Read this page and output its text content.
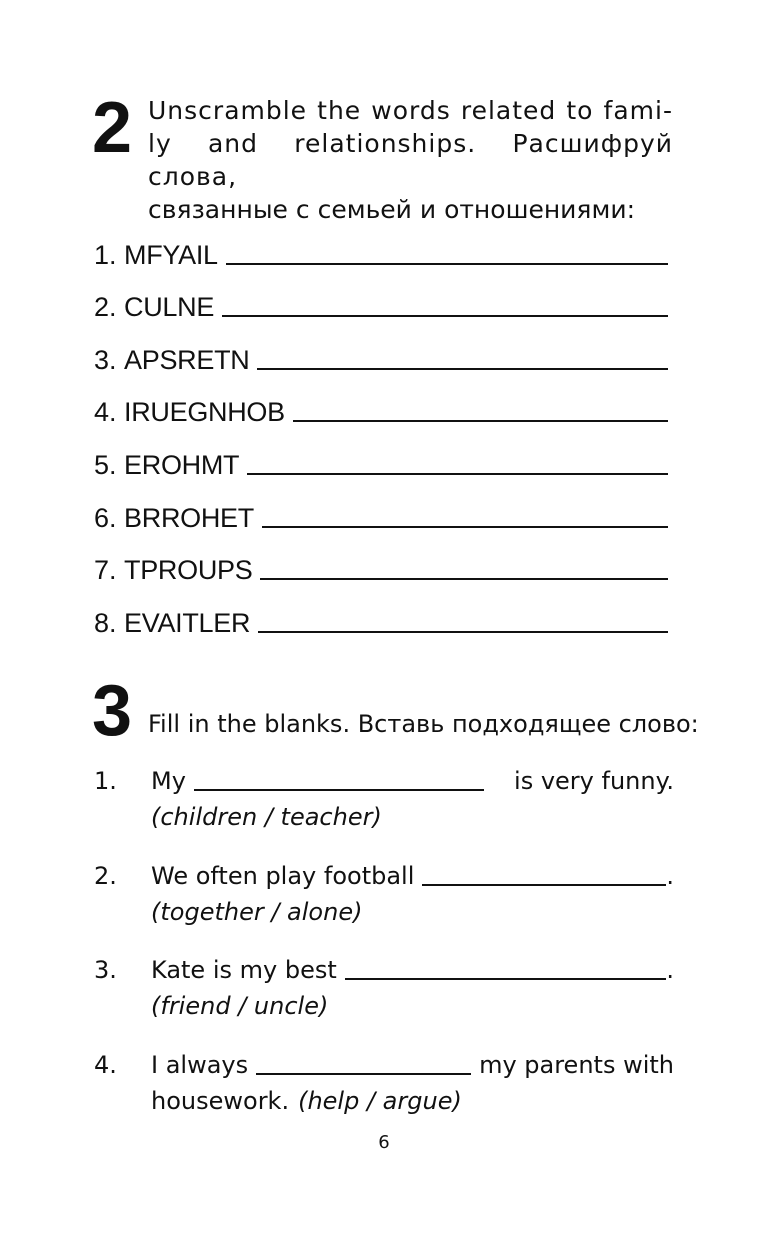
2 Unscramble the words related to fami-
ly and relationships. Расшифруй слова,
связанные с семьей и отношениями:
1. MFYAIL
2. CULNE
3. APSRETN
4. IRUEGNHOB
5. EROHMT
6. BRROHET
7. TPROUPS
8. EVAITLER
3 Fill in the blanks. Вставь подходящее слово:
1. My	is very funny.
(children / teacher)
2. We often play football	.
(together / alone)
3. Kate is my best	.
(friend / uncle)
4. I always	my parents with
housework. (help / argue)
6
